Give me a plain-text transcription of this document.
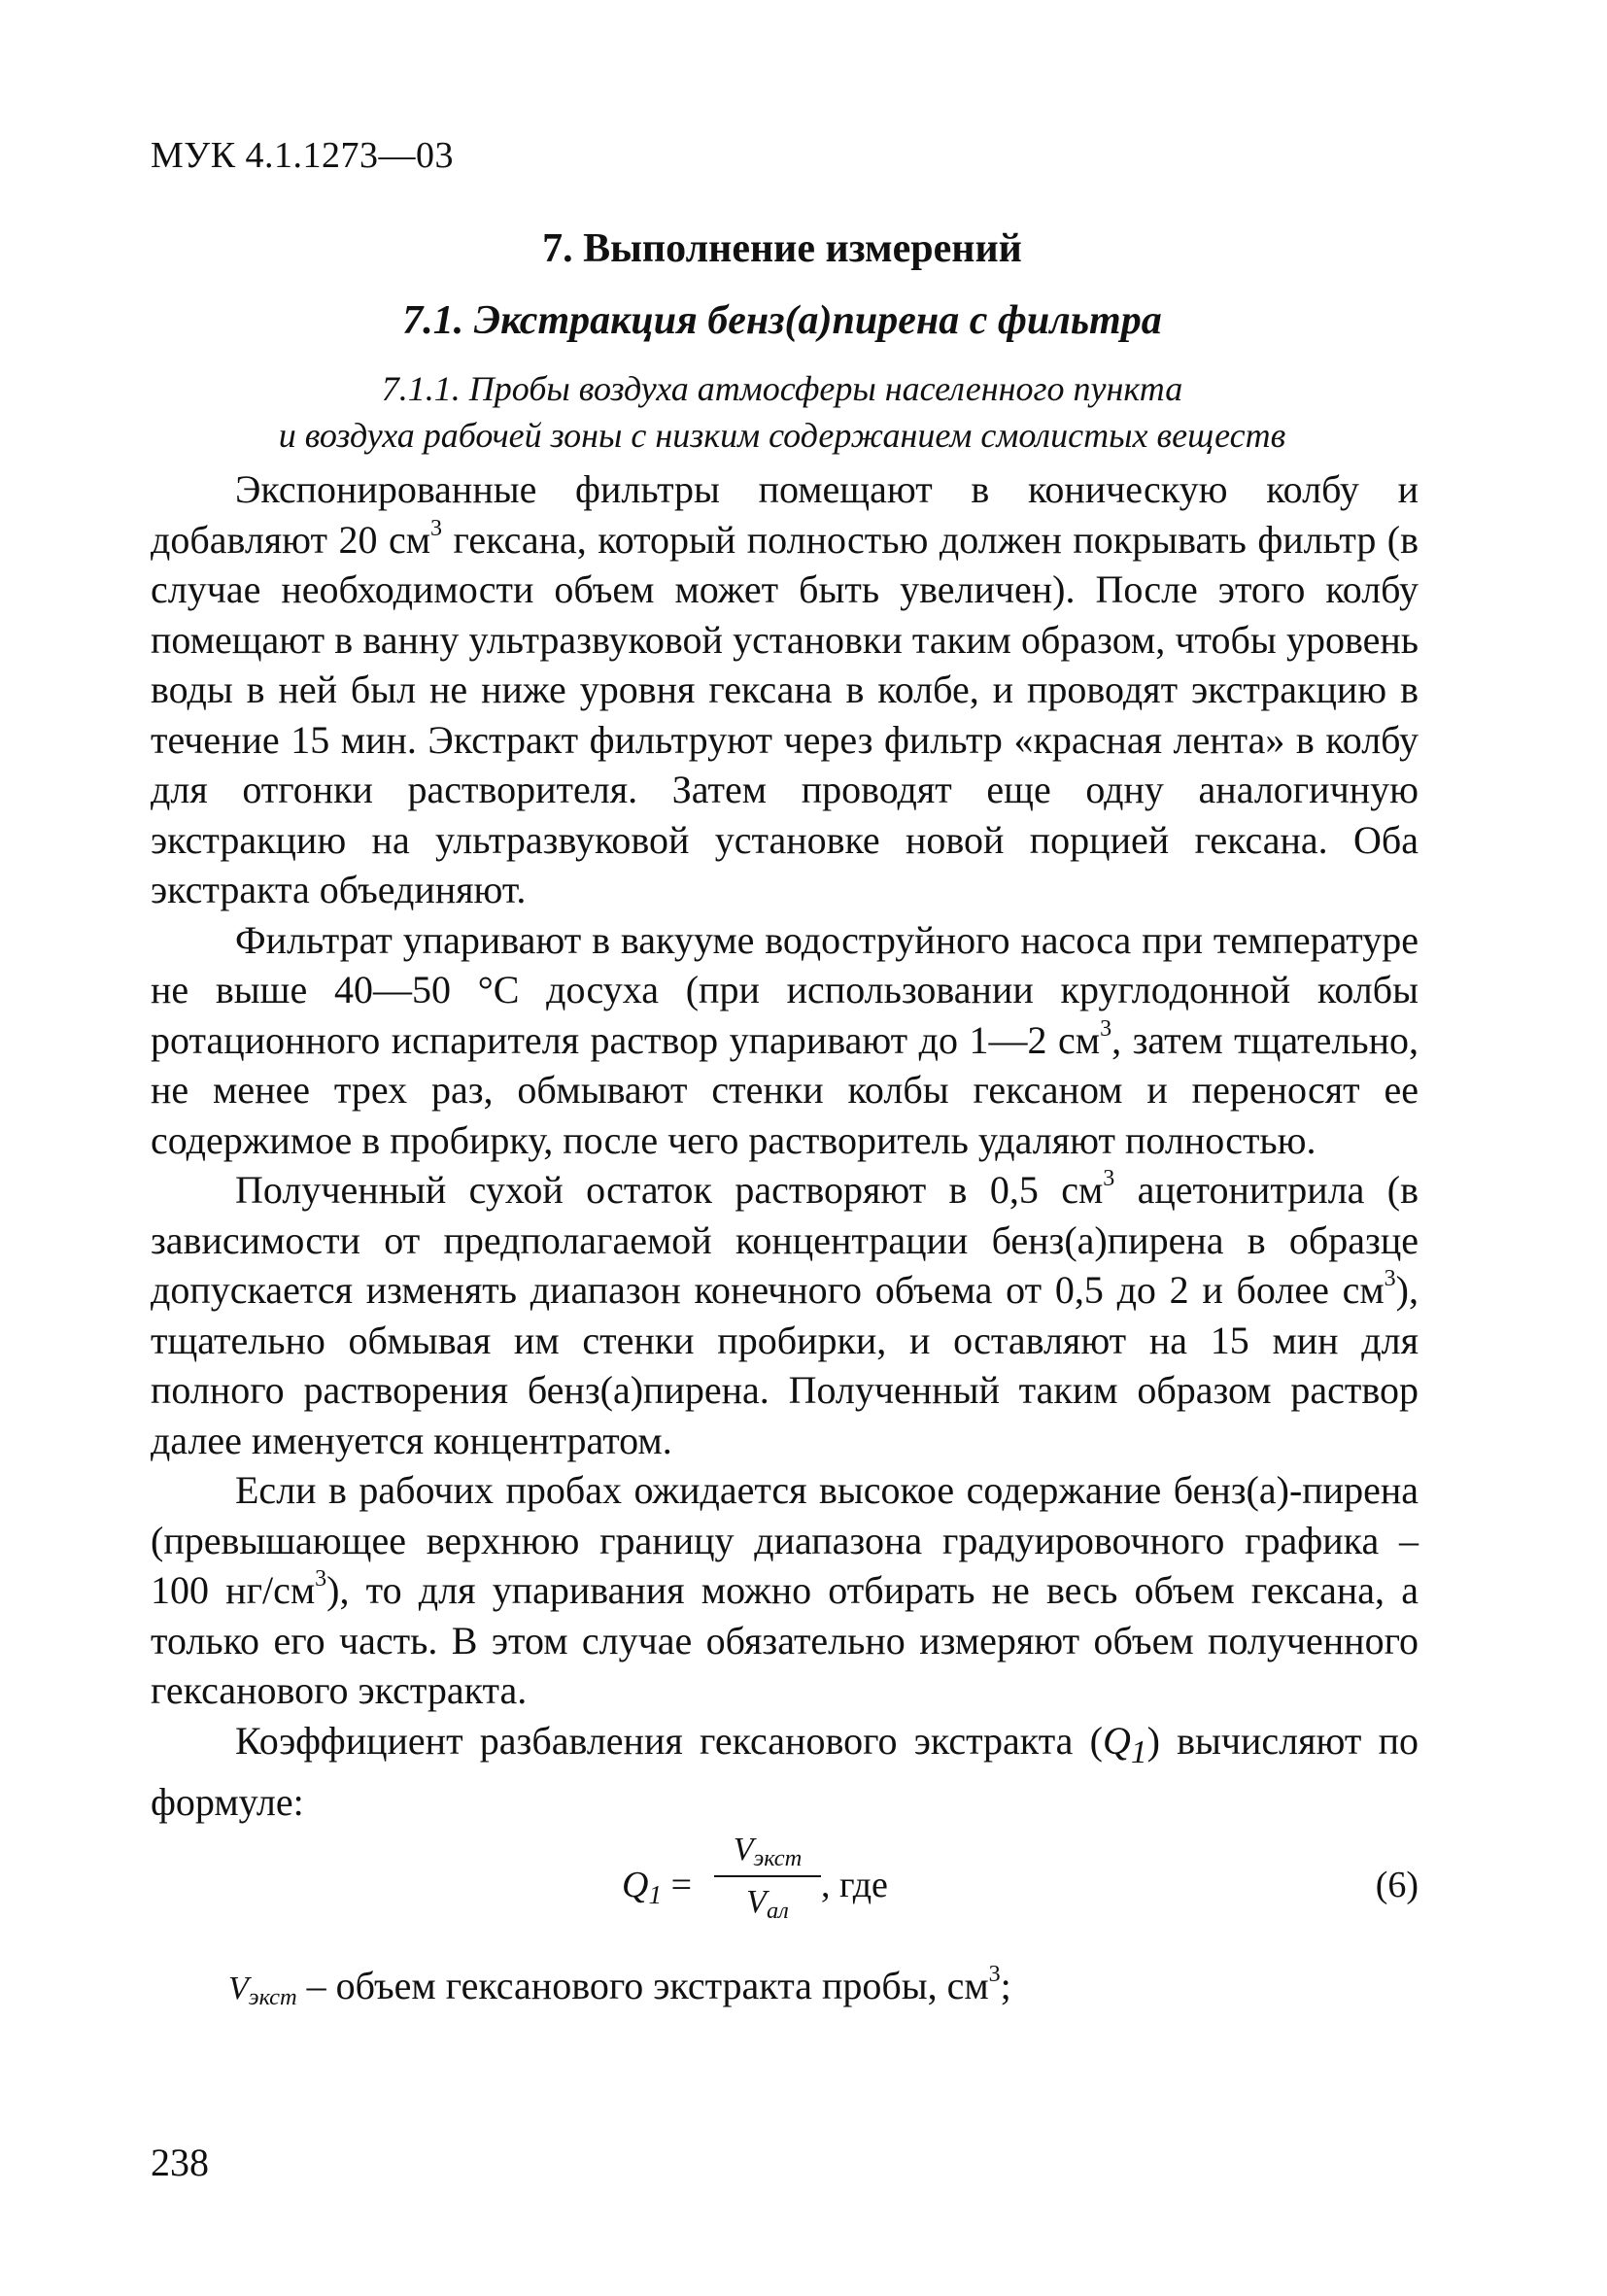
МУК 4.1.1273—03
7. Выполнение измерений
7.1. Экстракция бенз(а)пирена с фильтра
7.1.1. Пробы воздуха атмосферы населенного пункта
и воздуха рабочей зоны с низким содержанием смолистых веществ

Экспонированные фильтры помещают в коническую колбу и добавляют 20 $см^3$ гексана, который полностью должен покрывать фильтр (в случае необходимости объем может быть увеличен). После этого колбу помещают в ванну ультразвуковой установки таким образом, чтобы уровень воды в ней был не ниже уровня гексана в колбе, и проводят экстракцию в течение 15 мин. Экстракт фильтруют через фильтр «красная лента» в колбу для отгонки растворителя. Затем проводят еще одну аналогичную экстракцию на ультразвуковой установке новой порцией гексана. Оба экстракта объединяют.

Фильтрат упаривают в вакууме водоструйного насоса при температуре не выше 40—50 °С досуха (при использовании круглодонной колбы ротационного испарителя раствор упаривают до 1—2 $см^3$, затем тщательно, не менее трех раз, обмывают стенки колбы гексаном и переносят ее содержимое в пробирку, после чего растворитель удаляют полностью.

Полученный сухой остаток растворяют в 0,5 $см^3$ ацетонитрила (в зависимости от предполагаемой концентрации бенз(а)пирена в образце допускается изменять диапазон конечного объема от 0,5 до 2 и более $см^3$), тщательно обмывая им стенки пробирки, и оставляют на 15 мин для полного растворения бенз(а)пирена. Полученный таким образом раствор далее именуется концентратом.

Если в рабочих пробах ожидается высокое содержание бенз(а)-пирена (превышающее верхнюю границу диапазона градуировочного графика – 100 $нг/см^3$), то для упаривания можно отбирать не весь объем гексана, а только его часть. В этом случае обязательно измеряют объем полученного гексанового экстракта.

Коэффициент разбавления гексанового экстракта $(Q_1)$ вычисляют по формуле:

Q1 =
Vэкст
Vал
, где	(6)
Vэкст – объем гексанового экстракта пробы, $см^3$;
238
